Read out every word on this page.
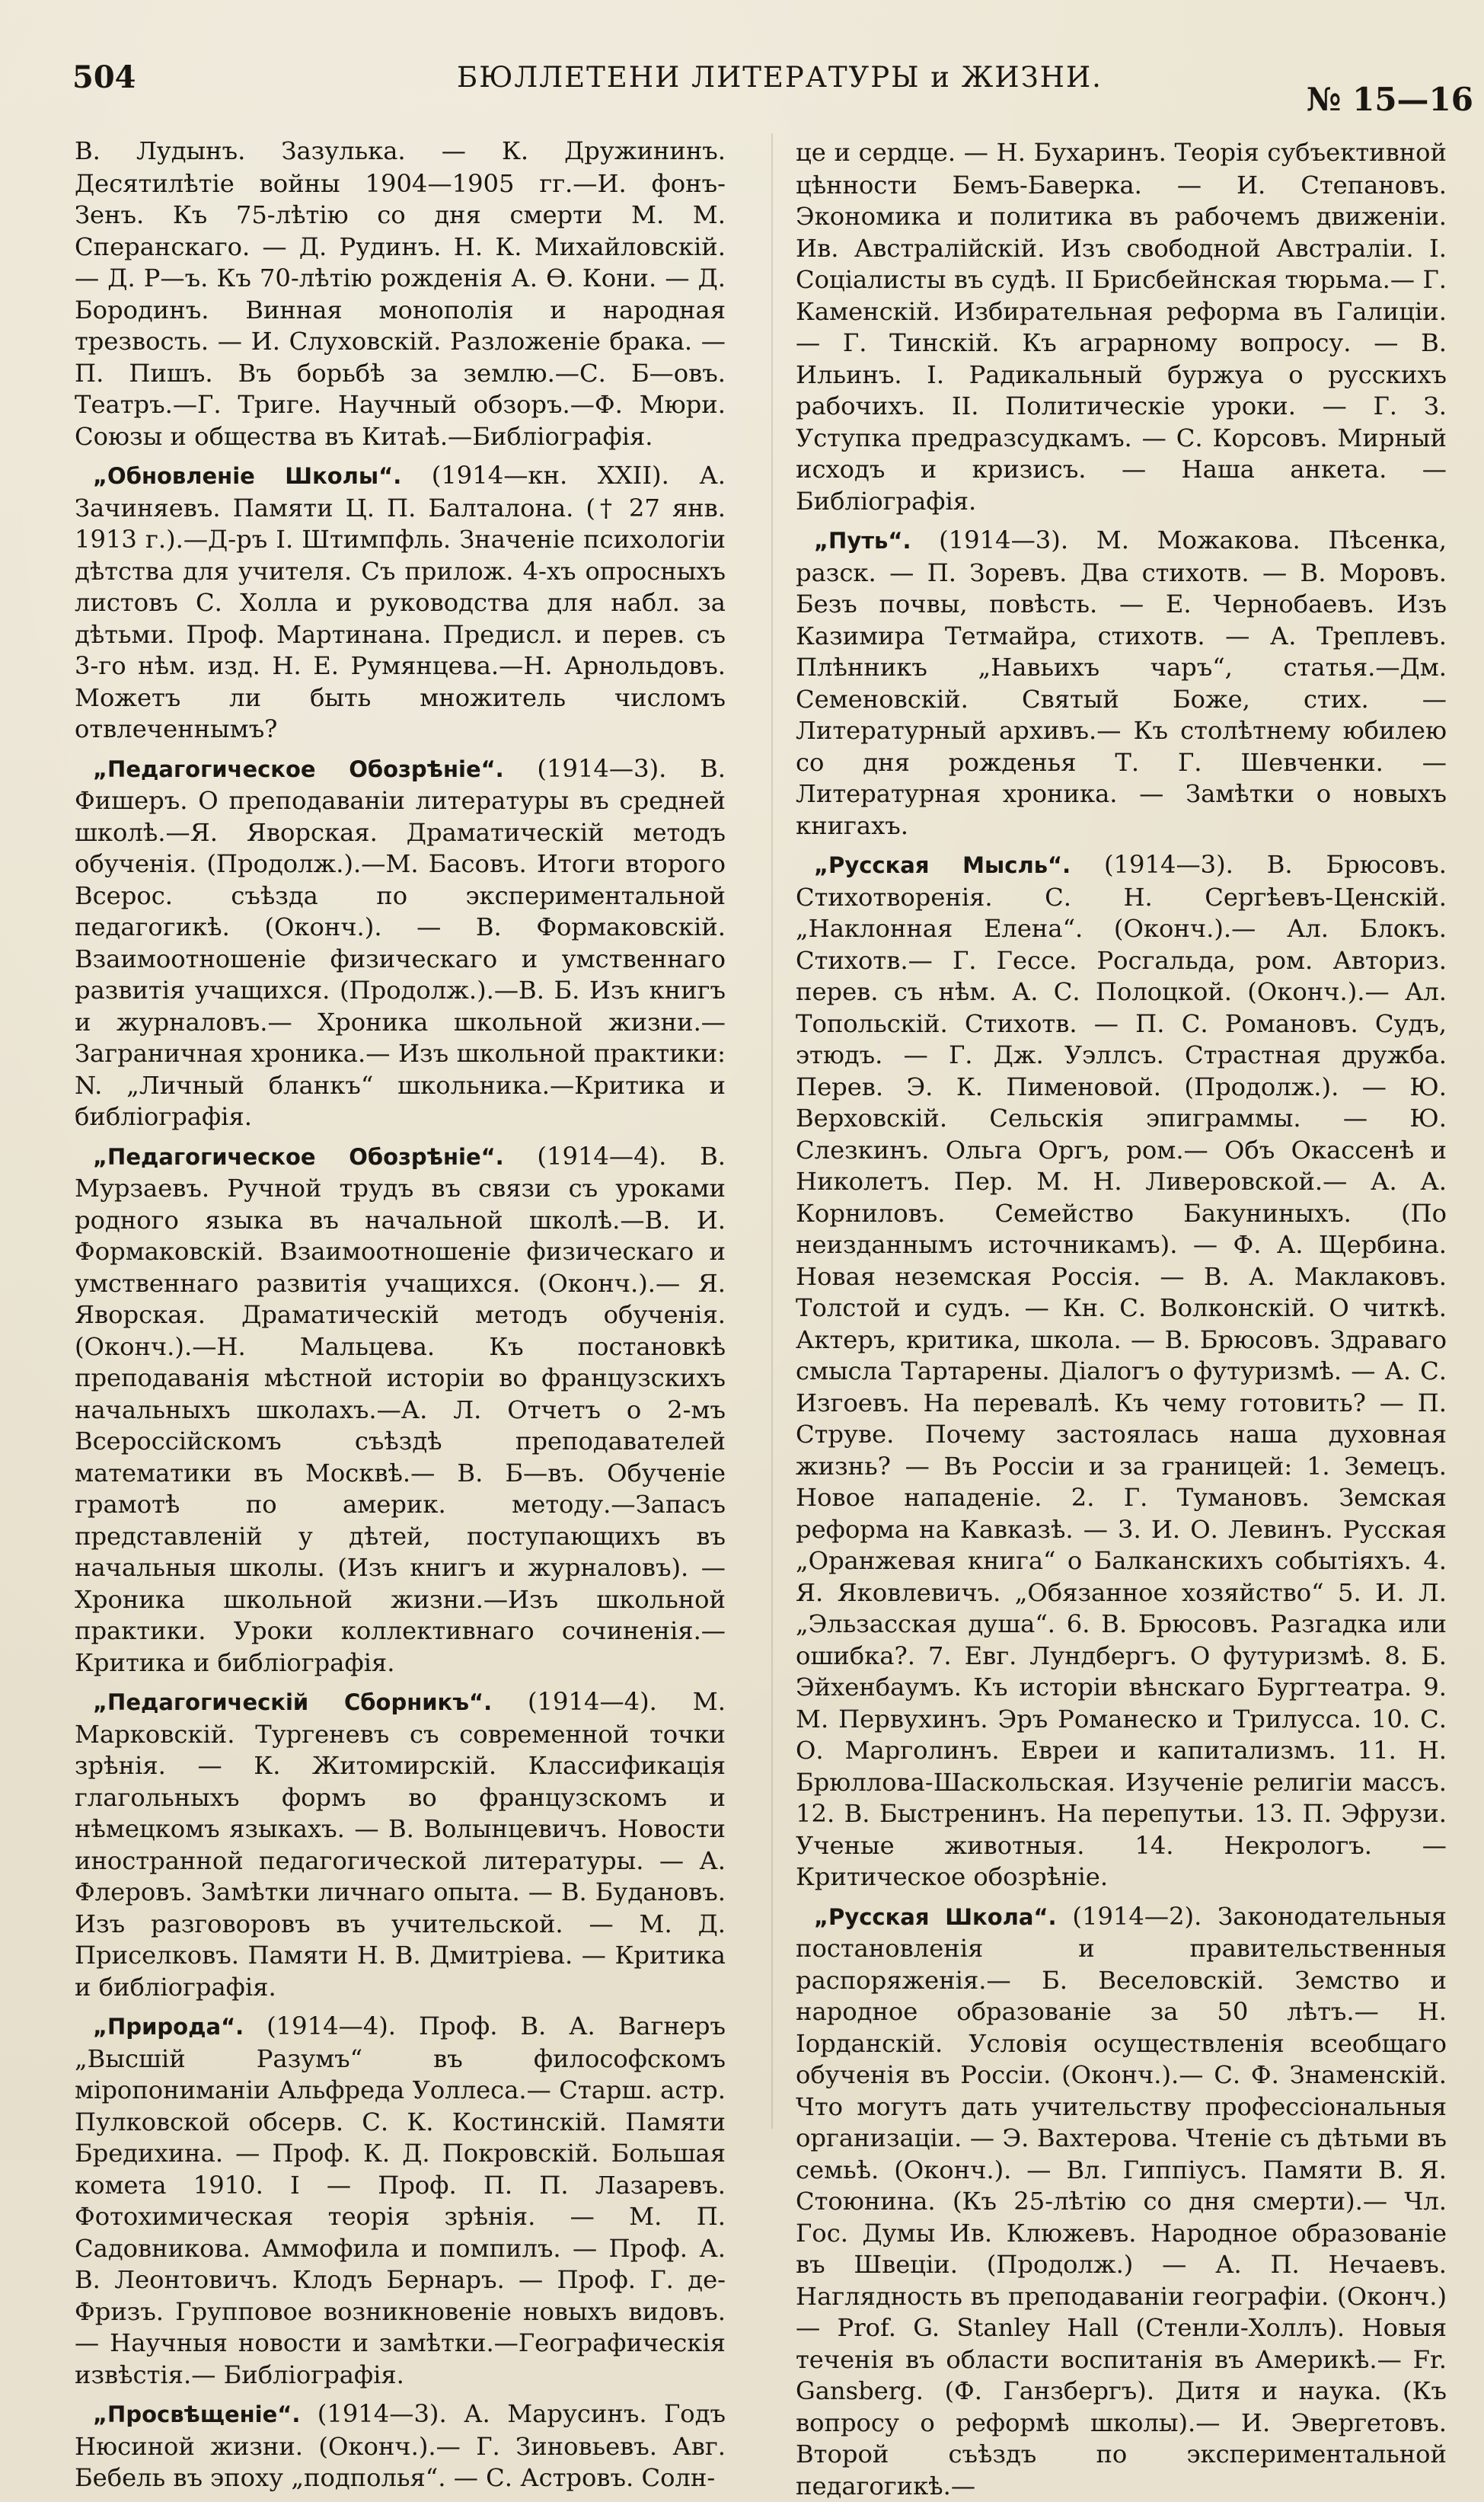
504	БЮЛЛЕТЕНИ ЛИТЕРАТУРЫ и ЖИЗНИ.
№ 15—16

В. Лудынъ. Зазулька. — К. Дружининъ. Десятилѣтіе войны 1904—1905 гг.—И. фонъ-Зенъ. Къ 75-лѣтію со дня смерти М. М. Сперанскаго. — Д. Рудинъ. Н. К. Михайловскій. — Д. Р—ъ. Къ 70-лѣтію рожденія А. Ѳ. Кони. — Д. Бородинъ. Винная монополія и народная трезвость. — И. Слуховскій. Разложеніе брака. — П. Пишъ. Въ борьбѣ за землю.—С. Б—овъ. Театръ.—Г. Триге. Научный обзоръ.—Ф. Мюри. Союзы и общества въ Китаѣ.—Библіографія.

„Обновленіе Школы“. (1914—кн. XXII). А. Зачиняевъ. Памяти Ц. П. Балталона. († 27 янв. 1913 г.).—Д-ръ І. Штимпфль. Значеніе психологіи дѣтства для учителя. Съ прилож. 4-хъ опросныхъ листовъ С. Холла и руководства для набл. за дѣтьми. Проф. Мартинана. Предисл. и перев. съ 3-го нѣм. изд. Н. Е. Румянцева.—Н. Арнольдовъ. Можетъ ли быть множитель числомъ отвлеченнымъ?

„Педагогическое Обозрѣніе“. (1914—3). В. Фишеръ. О преподаваніи литературы въ средней школѣ.—Я. Яворская. Драматическій методъ обученія. (Продолж.).—М. Басовъ. Итоги второго Всерос. съѣзда по экспериментальной педагогикѣ. (Оконч.). — В. Формаковскій. Взаимоотношеніе физическаго и умственнаго развитія учащихся. (Продолж.).—В. Б. Изъ книгъ и журналовъ.— Хроника школьной жизни.— Заграничная хроника.— Изъ школьной практики: N. „Личный бланкъ“ школьника.—Критика и библіографія.

„Педагогическое Обозрѣніе“. (1914—4). В. Мурзаевъ. Ручной трудъ въ связи съ уроками родного языка въ начальной школѣ.—В. И. Формаковскій. Взаимоотношеніе физическаго и умственнаго развитія учащихся. (Оконч.).— Я. Яворская. Драматическій методъ обученія. (Оконч.).—Н. Мальцева. Къ постановкѣ преподаванія мѣстной исторіи во французскихъ начальныхъ школахъ.—А. Л. Отчетъ о 2-мъ Всероссійскомъ съѣздѣ преподавателей математики въ Москвѣ.— В. Б—въ. Обученіе грамотѣ по америк. методу.—Запасъ представленій у дѣтей, поступающихъ въ начальныя школы. (Изъ книгъ и журналовъ). — Хроника школьной жизни.—Изъ школьной практики. Уроки коллективнаго сочиненія.—Критика и библіографія.

„Педагогическій Сборникъ“. (1914—4). М. Марковскій. Тургеневъ съ современной точки зрѣнія. — К. Житомирскій. Классификація глагольныхъ формъ во французскомъ и нѣмецкомъ языкахъ. — В. Волынцевичъ. Новости иностранной педагогической литературы. — А. Флеровъ. Замѣтки личнаго опыта. — В. Будановъ. Изъ разговоровъ въ учительской. — М. Д. Приселковъ. Памяти Н. В. Дмитріева. — Критика и библіографія.

„Природа“. (1914—4). Проф. В. А. Вагнеръ „Высшій Разумъ“ въ философскомъ міропониманіи Альфреда Уоллеса.— Старш. астр. Пулковской обсерв. С. К. Костинскій. Памяти Бредихина. — Проф. К. Д. Покровскій. Большая комета 1910. І — Проф. П. П. Лазаревъ. Фотохимическая теорія зрѣнія. — М. П. Садовникова. Аммофила и помпилъ. — Проф. А. В. Леонтовичъ. Клодъ Бернаръ. — Проф. Г. де-Фризъ. Групповое возникновеніе новыхъ видовъ. — Научныя новости и замѣтки.—Географическія извѣстія.— Библіографія.

„Просвѣщеніе“. (1914—3). А. Марусинъ. Годъ Нюсиной жизни. (Оконч.).— Г. Зиновьевъ. Авг. Бебель въ эпоху „подполья“. — С. Астровъ. Солн-

це и сердце. — Н. Бухаринъ. Теорія субъективной цѣнности Бемъ-Баверка. — И. Степановъ. Экономика и политика въ рабочемъ движеніи. Ив. Австралійскій. Изъ свободной Австраліи. І. Соціалисты въ судѣ. II Брисбейнская тюрьма.— Г. Каменскій. Избирательная реформа въ Галиціи. — Г. Тинскій. Къ аграрному вопросу. — В. Ильинъ. І. Радикальный буржуа о русскихъ рабочихъ. II. Политическіе уроки. — Г. З. Уступка предразсудкамъ. — С. Корсовъ. Мирный исходъ и кризисъ. — Наша анкета. — Библіографія.

„Путь“. (1914—3). М. Можакова. Пѣсенка, разск. — П. Зоревъ. Два стихотв. — В. Моровъ. Безъ почвы, повѣсть. — Е. Чернобаевъ. Изъ Казимира Тетмайра, стихотв. — А. Треплевъ. Плѣнникъ „Навьихъ чаръ“, статья.—Дм. Семеновскій. Святый Боже, стих. — Литературный архивъ.— Къ столѣтнему юбилею со дня рожденья Т. Г. Шевченки. — Литературная хроника. — Замѣтки о новыхъ книгахъ.

„Русская Мысль“. (1914—3). В. Брюсовъ. Стихотворенія. С. Н. Сергѣевъ-Ценскій. „Наклонная Елена“. (Оконч.).— Ал. Блокъ. Стихотв.— Г. Гессе. Росгальда, ром. Авториз. перев. съ нѣм. А. С. Полоцкой. (Оконч.).— Ал. Топольскій. Стихотв. — П. С. Романовъ. Судъ, этюдъ. — Г. Дж. Уэллсъ. Страстная дружба. Перев. Э. К. Пименовой. (Продолж.). — Ю. Верховскій. Сельскія эпиграммы. — Ю. Слезкинъ. Ольга Оргъ, ром.— Объ Окассенѣ и Николетъ. Пер. М. Н. Ливеровской.— А. А. Корниловъ. Семейство Бакуниныхъ. (По неизданнымъ источникамъ). — Ф. А. Щербина. Новая неземская Россія. — В. А. Маклаковъ. Толстой и судъ. — Кн. С. Волконскій. О читкѣ. Актеръ, критика, школа. — В. Брюсовъ. Здраваго смысла Тартарены. Діалогъ о футуризмѣ. — А. С. Изгоевъ. На перевалѣ. Къ чему готовить? — П. Струве. Почему застоялась наша духовная жизнь? — Въ Россіи и за границей: 1. Земецъ. Новое нападеніе. 2. Г. Тумановъ. Земская реформа на Кавказѣ. — 3. И. О. Левинъ. Русская „Оранжевая книга“ о Балканскихъ событіяхъ. 4. Я. Яковлевичъ. „Обязанное хозяйство“ 5. И. Л. „Эльзасская душа“. 6. В. Брюсовъ. Разгадка или ошибка?. 7. Евг. Лундбергъ. О футуризмѣ. 8. Б. Эйхенбаумъ. Къ исторіи вѣнскаго Бургтеатра. 9. М. Первухинъ. Эръ Романеско и Трилусса. 10. С. О. Марголинъ. Евреи и капитализмъ. 11. Н. Брюллова-Шаскольская. Изученіе религіи массъ. 12. В. Быстренинъ. На перепутьи. 13. П. Эфрузи. Ученые животныя. 14. Некрологъ. — Критическое обозрѣніе.

„Русская Школа“. (1914—2). Законодательныя постановленія и правительственныя распоряженія.— Б. Веселовскій. Земство и народное образованіе за 50 лѣтъ.— Н. Іорданскій. Условія осуществленія всеобщаго обученія въ Россіи. (Оконч.).— С. Ф. Знаменскій. Что могутъ дать учительству профессіональныя организаціи. — Э. Вахтерова. Чтеніе съ дѣтьми въ семьѣ. (Оконч.). — Вл. Гиппіусъ. Памяти В. Я. Стоюнина. (Къ 25-лѣтію со дня смерти).— Чл. Гос. Думы Ив. Клюжевъ. Народное образованіе въ Швеціи. (Продолж.) — А. П. Нечаевъ. Наглядность въ преподаваніи географіи. (Оконч.) — Prof. G. Stanley Hall (Стенли-Холлъ). Новыя теченія въ области воспитанія въ Америкѣ.— Fr. Gansberg. (Ф. Ганзбергъ). Дитя и наука. (Къ вопросу о реформѣ школы).— И. Эвергетовъ. Второй съѣздъ по экспериментальной педагогикѣ.—
